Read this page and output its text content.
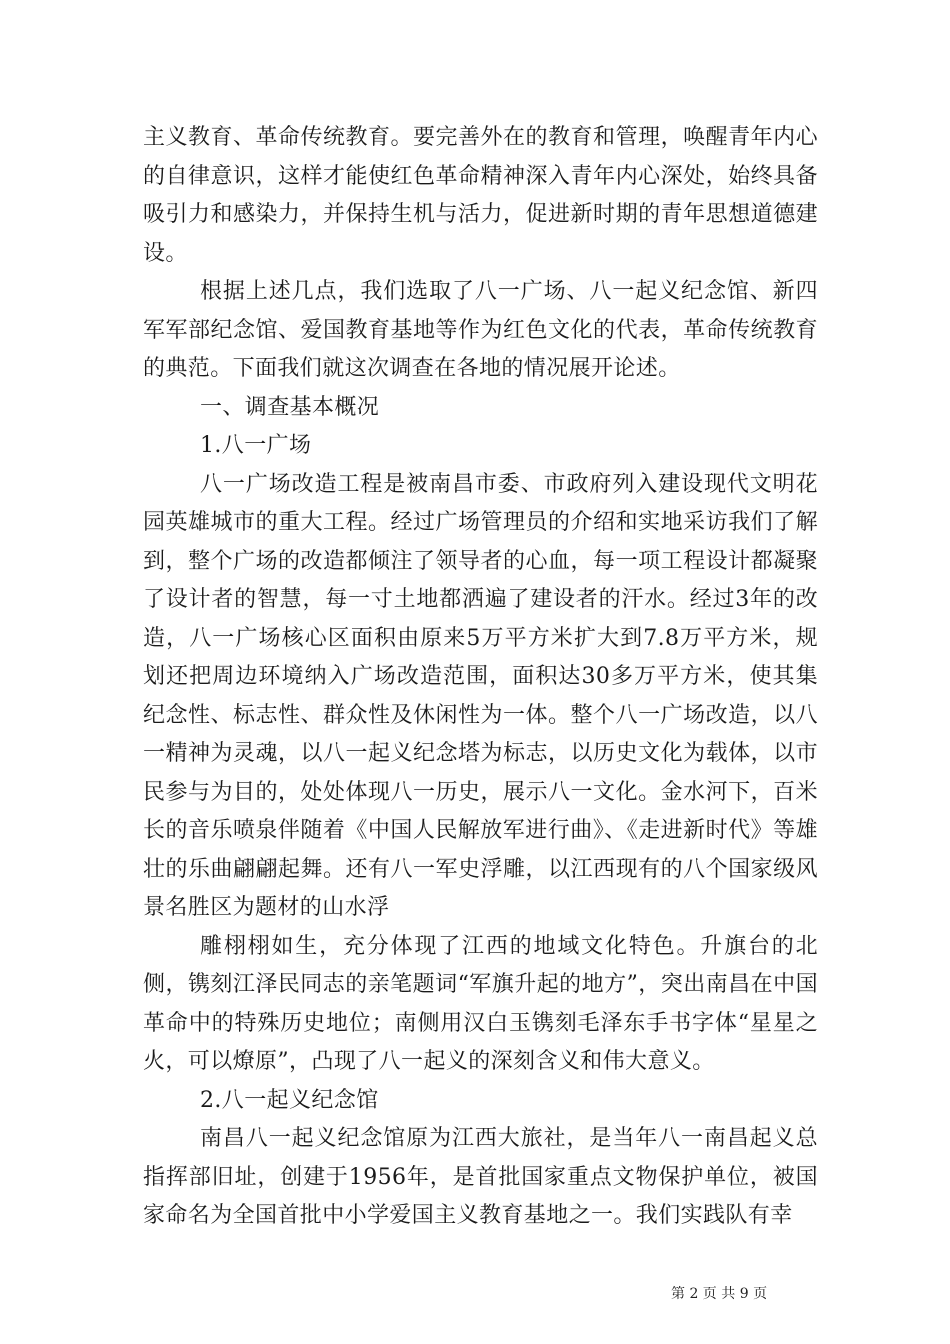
主义教育、革命传统教育。要完善外在的教育和管理，唤醒青年内心的自律意识，这样才能使红色革命精神深入青年内心深处，始终具备吸引力和感染力，并保持生机与活力，促进新时期的青年思想道德建设。

根据上述几点，我们选取了八一广场、八一起义纪念馆、新四军军部纪念馆、爱国教育基地等作为红色文化的代表，革命传统教育的典范。下面我们就这次调查在各地的情况展开论述。

一、调查基本概况

1.八一广场

八一广场改造工程是被南昌市委、市政府列入建设现代文明花园英雄城市的重大工程。经过广场管理员的介绍和实地采访我们了解到，整个广场的改造都倾注了领导者的心血，每一项工程设计都凝聚了设计者的智慧，每一寸土地都洒遍了建设者的汗水。经过3年的改造，八一广场核心区面积由原来5万平方米扩大到7.8万平方米，规划还把周边环境纳入广场改造范围，面积达30多万平方米，使其集纪念性、标志性、群众性及休闲性为一体。整个八一广场改造，以八一精神为灵魂，以八一起义纪念塔为标志，以历史文化为载体，以市民参与为目的，处处体现八一历史，展示八一文化。金水河下，百米长的音乐喷泉伴随着《中国人民解放军进行曲》、《走进新时代》等雄壮的乐曲翩翩起舞。还有八一军史浮雕，以江西现有的八个国家级风景名胜区为题材的山水浮

雕栩栩如生，充分体现了江西的地域文化特色。升旗台的北侧，镌刻江泽民同志的亲笔题词“军旗升起的地方”，突出南昌在中国革命中的特殊历史地位；南侧用汉白玉镌刻毛泽东手书字体“星星之火，可以燎原”，凸现了八一起义的深刻含义和伟大意义。

2.八一起义纪念馆

南昌八一起义纪念馆原为江西大旅社，是当年八一南昌起义总指挥部旧址，创建于1956年，是首批国家重点文物保护单位，被国家命名为全国首批中小学爱国主义教育基地之一。我们实践队有幸

第 2 页 共 9 页
